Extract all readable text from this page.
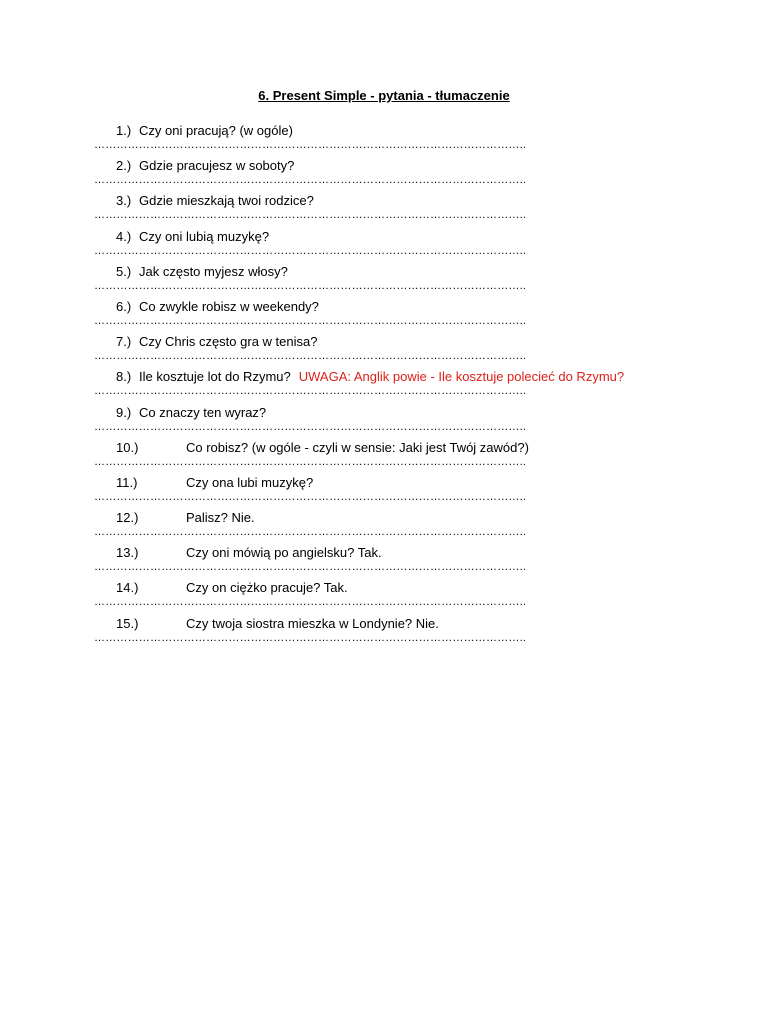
6. Present Simple - pytania - tłumaczenie
1.) Czy oni pracują? (w ogóle)
……………………………………………………………………………………………………..
2.) Gdzie pracujesz w soboty?
……………………………………………………………………………………………………..
3.) Gdzie mieszkają twoi rodzice?
……………………………………………………………………………………………………..
4.) Czy oni lubią muzykę?
……………………………………………………………………………………………………..
5.) Jak często myjesz włosy?
……………………………………………………………………………………………………..
6.) Co zwykle robisz w weekendy?
……………………………………………………………………………………………………..
7.) Czy Chris często gra w tenisa?
……………………………………………………………………………………………………..
8.) Ile kosztuje lot do Rzymu? UWAGA: Anglik powie - Ile kosztuje polecieć do Rzymu?
……………………………………………………………………………………………………..
9.) Co znaczy ten wyraz?
……………………………………………………………………………………………………..
10.)	Co robisz? (w ogóle - czyli w sensie: Jaki jest Twój zawód?)
……………………………………………………………………………………………………..
11.)	Czy ona lubi muzykę?
……………………………………………………………………………………………………..
12.)	Palisz? Nie.
……………………………………………………………………………………………………..
13.)	Czy oni mówią po angielsku? Tak.
……………………………………………………………………………………………………..
14.)	Czy on ciężko pracuje? Tak.
……………………………………………………………………………………………………..
15.)	Czy twoja siostra mieszka w Londynie? Nie.
……………………………………………………………………………………………………..
